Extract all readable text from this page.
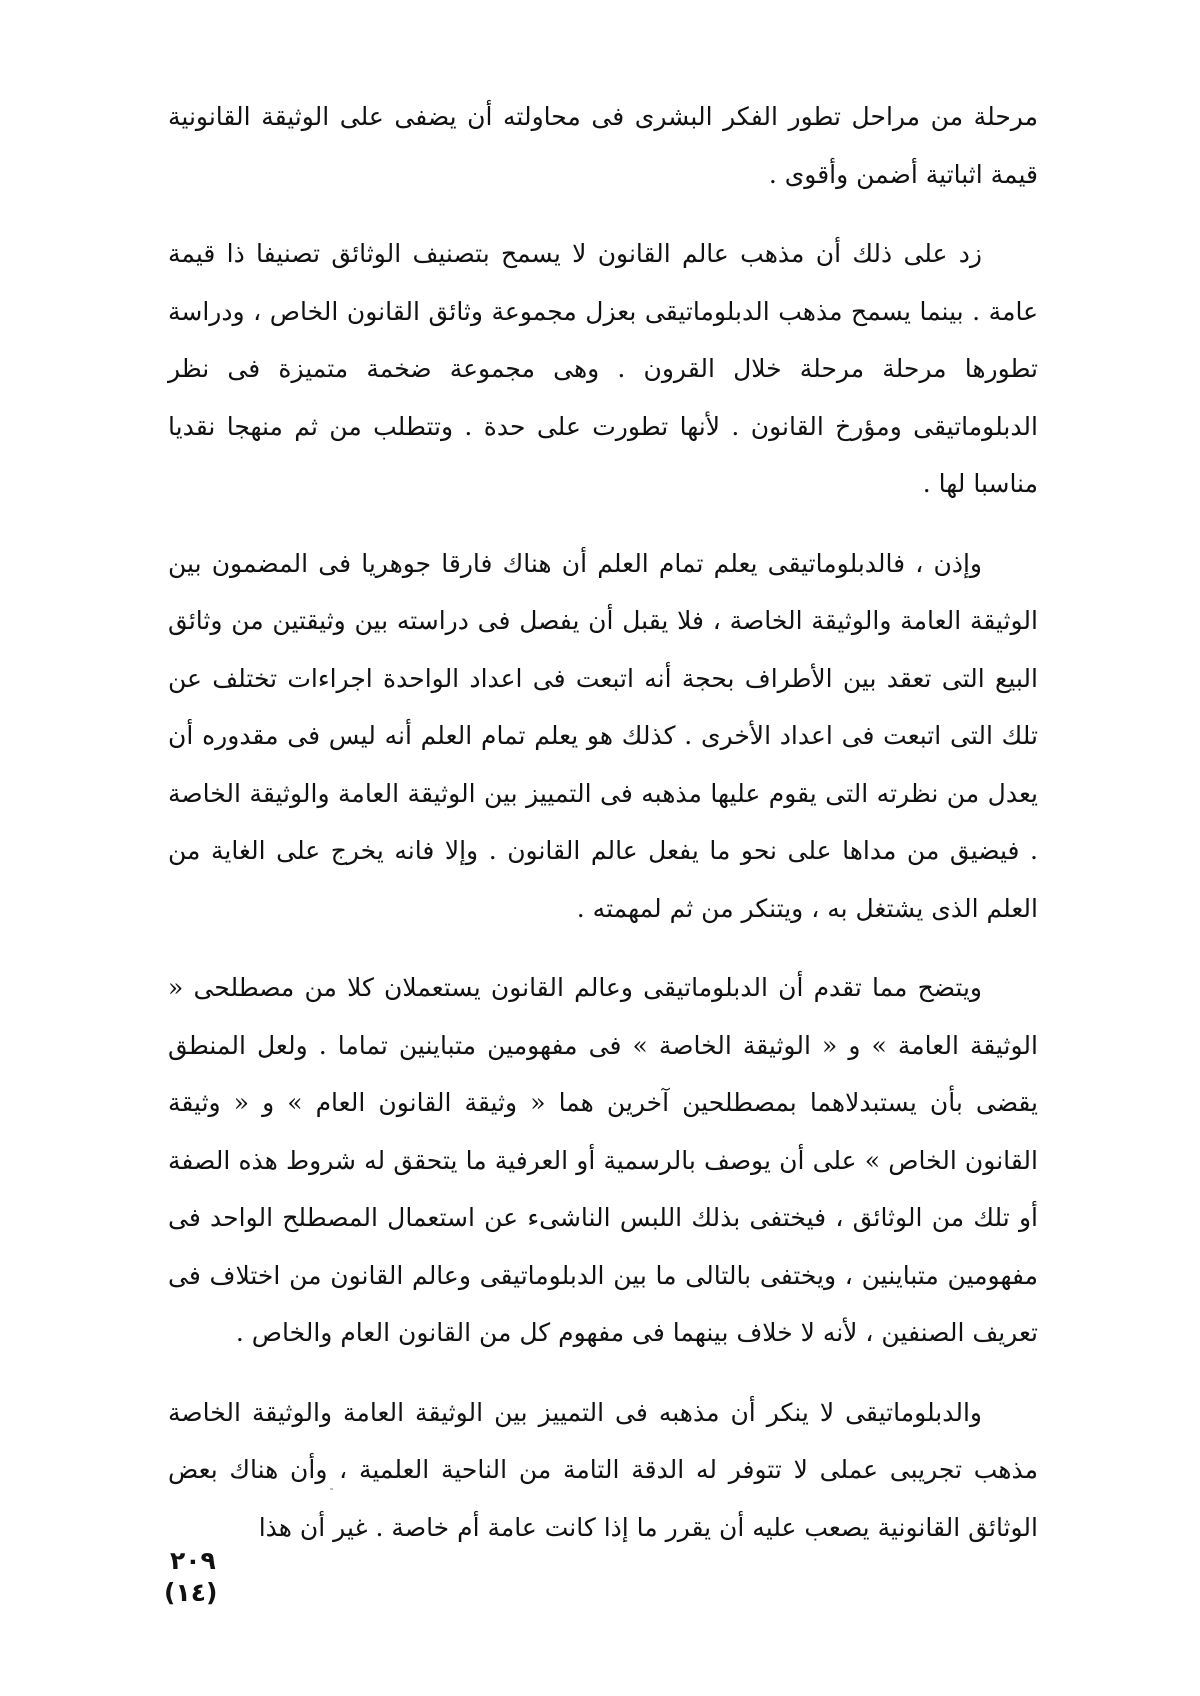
مرحلة من مراحل تطور الفكر البشرى فى محاولته أن يضفى على الوثيقة القانونية قيمة اثباتية أضمن وأقوى .

زد على ذلك أن مذهب عالم القانون لا يسمح بتصنيف الوثائق تصنيفا ذا قيمة عامة . بينما يسمح مذهب الدبلوماتيقى بعزل مجموعة وثائق القانون الخاص ، ودراسة تطورها مرحلة مرحلة خلال القرون . وهى مجموعة ضخمة متميزة فى نظر الدبلوماتيقى ومؤرخ القانون . لأنها تطورت على حدة . وتتطلب من ثم منهجا نقديا مناسبا لها .

وإذن ، فالدبلوماتيقى يعلم تمام العلم أن هناك فارقا جوهريا فى المضمون بين الوثيقة العامة والوثيقة الخاصة ، فلا يقبل أن يفصل فى دراسته بين وثيقتين من وثائق البيع التى تعقد بين الأطراف بحجة أنه اتبعت فى اعداد الواحدة اجراءات تختلف عن تلك التى اتبعت فى اعداد الأخرى . كذلك هو يعلم تمام العلم أنه ليس فى مقدوره أن يعدل من نظرته التى يقوم عليها مذهبه فى التمييز بين الوثيقة العامة والوثيقة الخاصة . فيضيق من مداها على نحو ما يفعل عالم القانون . وإلا فانه يخرج على الغاية من العلم الذى يشتغل به ، ويتنكر من ثم لمهمته .

ويتضح مما تقدم أن الدبلوماتيقى وعالم القانون يستعملان كلا من مصطلحى « الوثيقة العامة » و « الوثيقة الخاصة » فى مفهومين متباينين تماما . ولعل المنطق يقضى بأن يستبدلاهما بمصطلحين آخرين هما « وثيقة القانون العام » و « وثيقة القانون الخاص » على أن يوصف بالرسمية أو العرفية ما يتحقق له شروط هذه الصفة أو تلك من الوثائق ، فيختفى بذلك اللبس الناشىء عن استعمال المصطلح الواحد فى مفهومين متباينين ، ويختفى بالتالى ما بين الدبلوماتيقى وعالم القانون من اختلاف فى تعريف الصنفين ، لأنه لا خلاف بينهما فى مفهوم كل من القانون العام والخاص .

والدبلوماتيقى لا ينكر أن مذهبه فى التمييز بين الوثيقة العامة والوثيقة الخاصة مذهب تجريبى عملى لا تتوفر له الدقة التامة من الناحية العلمية ، وأن هناك بعض الوثائق القانونية يصعب عليه أن يقرر ما إذا كانت عامة أم خاصة . غير أن هذا

٢٠٩
(١٤)
